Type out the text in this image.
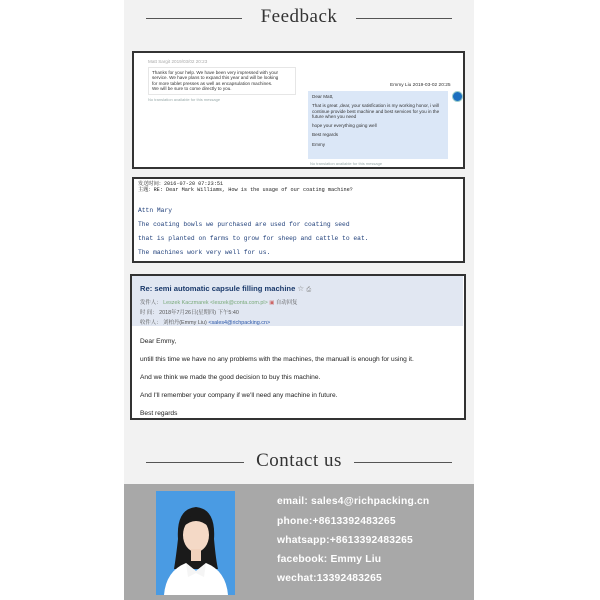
Feedback
Matt Sargit 2019/03/02 20:23
Thanks for your help. We have been very impressed with your
service. We have plans to expand this year and will be looking
for more tablet presses as well as encapsulation machines.
We will be sure to come directly to you.
No translation available for this message
Emmy Liu 2019-03-02 20:25

Dear Matt,

That is great ,dear, your satisfication is my working honor, i will continue provide best machine and best services for you in the future when you need

hope your everything going well

Best regards

Emmy

No translation available for this message
发送时间：2016-07-20 07:23:51
主题：RE: Dear Mark Williams, How is the usage of our coating machine?
Attn Mary
The coating bowls we purchased are used for coating seed
that is planted on farms to grow for sheep and cattle to eat.
The machines work very well for us.
Re: semi automatic capsule filling machine ☆ ⎙
发件人： Leszek Kaczmarek <leszek@conta.com.pl> ▣ 自动回复
时 间： 2018年7月26日(星期四) 下午5:40
收件人： 刘柏丹(Emmy Liu) <sales4@richpacking.cn>
Dear Emmy,
untill this time we have no any problems with the machines, the manuall is enough for using it.
And we think we made the good decision to buy this machine.
And I'll remember your company if we'll need any machine in future.
Best regards
Contact us
email: sales4@richpacking.cn
phone:+8613392483265
whatsapp:+8613392483265
facebook: Emmy Liu
wechat:13392483265
